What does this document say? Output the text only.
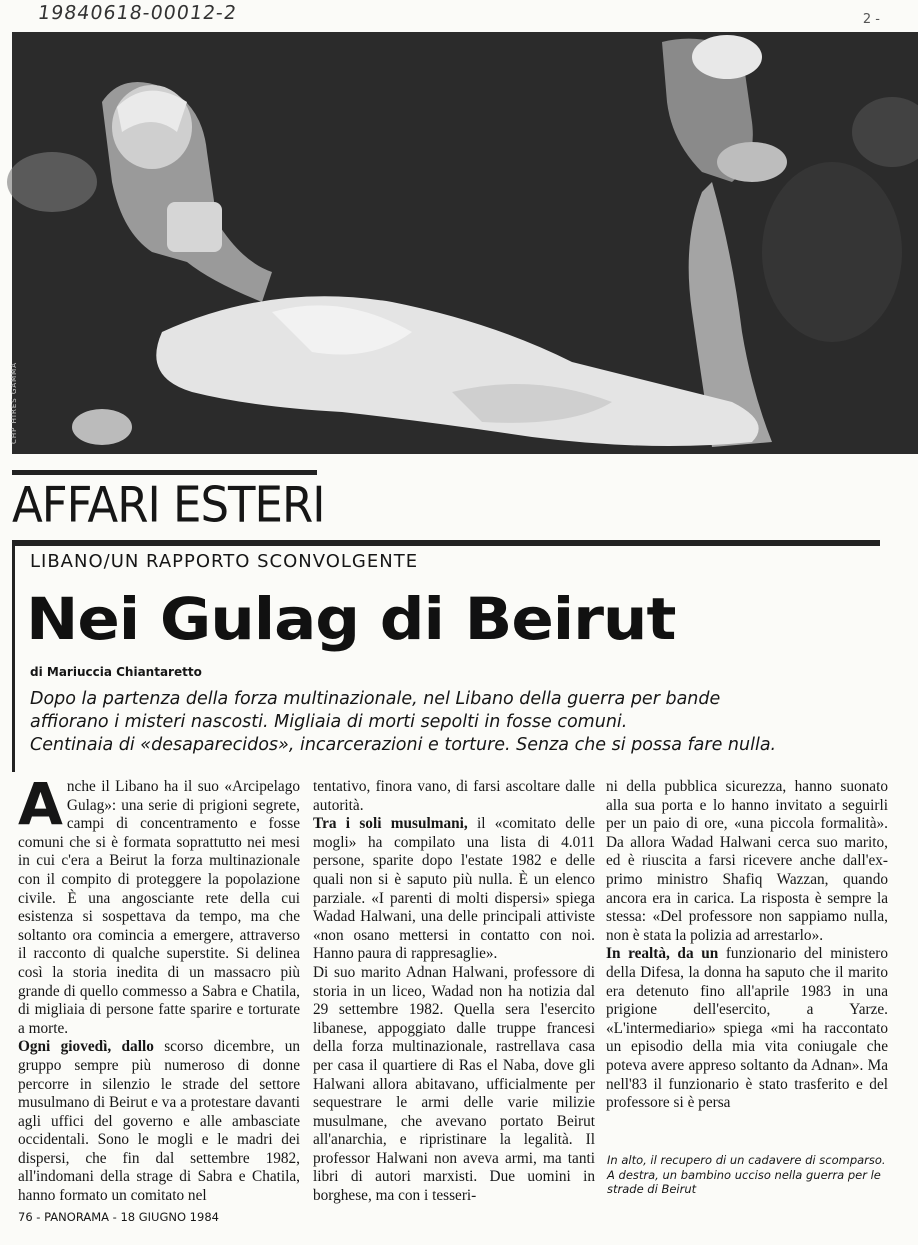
19840618-00012-2	2 -
CHP HIRES GAMMA
AFFARI ESTERI
LIBANO/UN RAPPORTO SCONVOLGENTE
Nei Gulag di Beirut
di Mariuccia Chiantaretto
Dopo la partenza della forza multinazionale, nel Libano della guerra per bande
affiorano i misteri nascosti. Migliaia di morti sepolti in fosse comuni.
Centinaia di «desaparecidos», incarcerazioni e torture. Senza che si possa fare nulla.

Anche il Libano ha il suo «Arcipelago Gulag»: una serie di prigioni segrete, campi di concentramento e fosse comuni che si è formata soprattutto nei mesi in cui c'era a Beirut la forza multinazionale con il compito di proteggere la popolazione civile. È una angosciante rete della cui esistenza si sospettava da tempo, ma che soltanto ora comincia a emergere, attraverso il racconto di qualche superstite. Si delinea così la storia inedita di un massacro più grande di quello commesso a Sabra e Chatila, di migliaia di persone fatte sparire e torturate a morte.

Ogni giovedì, dallo scorso dicembre, un gruppo sempre più numeroso di donne percorre in silenzio le strade del settore musulmano di Beirut e va a protestare davanti agli uffici del governo e alle ambasciate occidentali. Sono le mogli e le madri dei dispersi, che fin dal settembre 1982, all'indomani della strage di Sabra e Chatila, hanno formato un comitato nel

tentativo, finora vano, di farsi ascoltare dalle autorità.

Tra i soli musulmani, il «comitato delle mogli» ha compilato una lista di 4.011 persone, sparite dopo l'estate 1982 e delle quali non si è saputo più nulla. È un elenco parziale. «I parenti di molti dispersi» spiega Wadad Halwani, una delle principali attiviste «non osano mettersi in contatto con noi. Hanno paura di rappresaglie».

Di suo marito Adnan Halwani, professore di storia in un liceo, Wadad non ha notizia dal 29 settembre 1982. Quella sera l'esercito libanese, appoggiato dalle truppe francesi della forza multinazionale, rastrellava casa per casa il quartiere di Ras el Naba, dove gli Halwani allora abitavano, ufficialmente per sequestrare le armi delle varie milizie musulmane, che avevano portato Beirut all'anarchia, e ripristinare la legalità. Il professor Halwani non aveva armi, ma tanti libri di autori marxisti. Due uomini in borghese, ma con i tesseri-

ni della pubblica sicurezza, hanno suonato alla sua porta e lo hanno invitato a seguirli per un paio di ore, «una piccola formalità». Da allora Wadad Halwani cerca suo marito, ed è riuscita a farsi ricevere anche dall'ex-primo ministro Shafiq Wazzan, quando ancora era in carica. La risposta è sempre la stessa: «Del professore non sappiamo nulla, non è stata la polizia ad arrestarlo».

In realtà, da un funzionario del ministero della Difesa, la donna ha saputo che il marito era detenuto fino all'aprile 1983 in una prigione dell'esercito, a Yarze. «L'intermediario» spiega «mi ha raccontato un episodio della mia vita coniugale che poteva avere appreso soltanto da Adnan». Ma nell'83 il funzionario è stato trasferito e del professore si è persa

In alto, il recupero di un cadavere di scomparso. A destra, un bambino ucciso nella guerra per le strade di Beirut
76 - PANORAMA - 18 GIUGNO 1984
